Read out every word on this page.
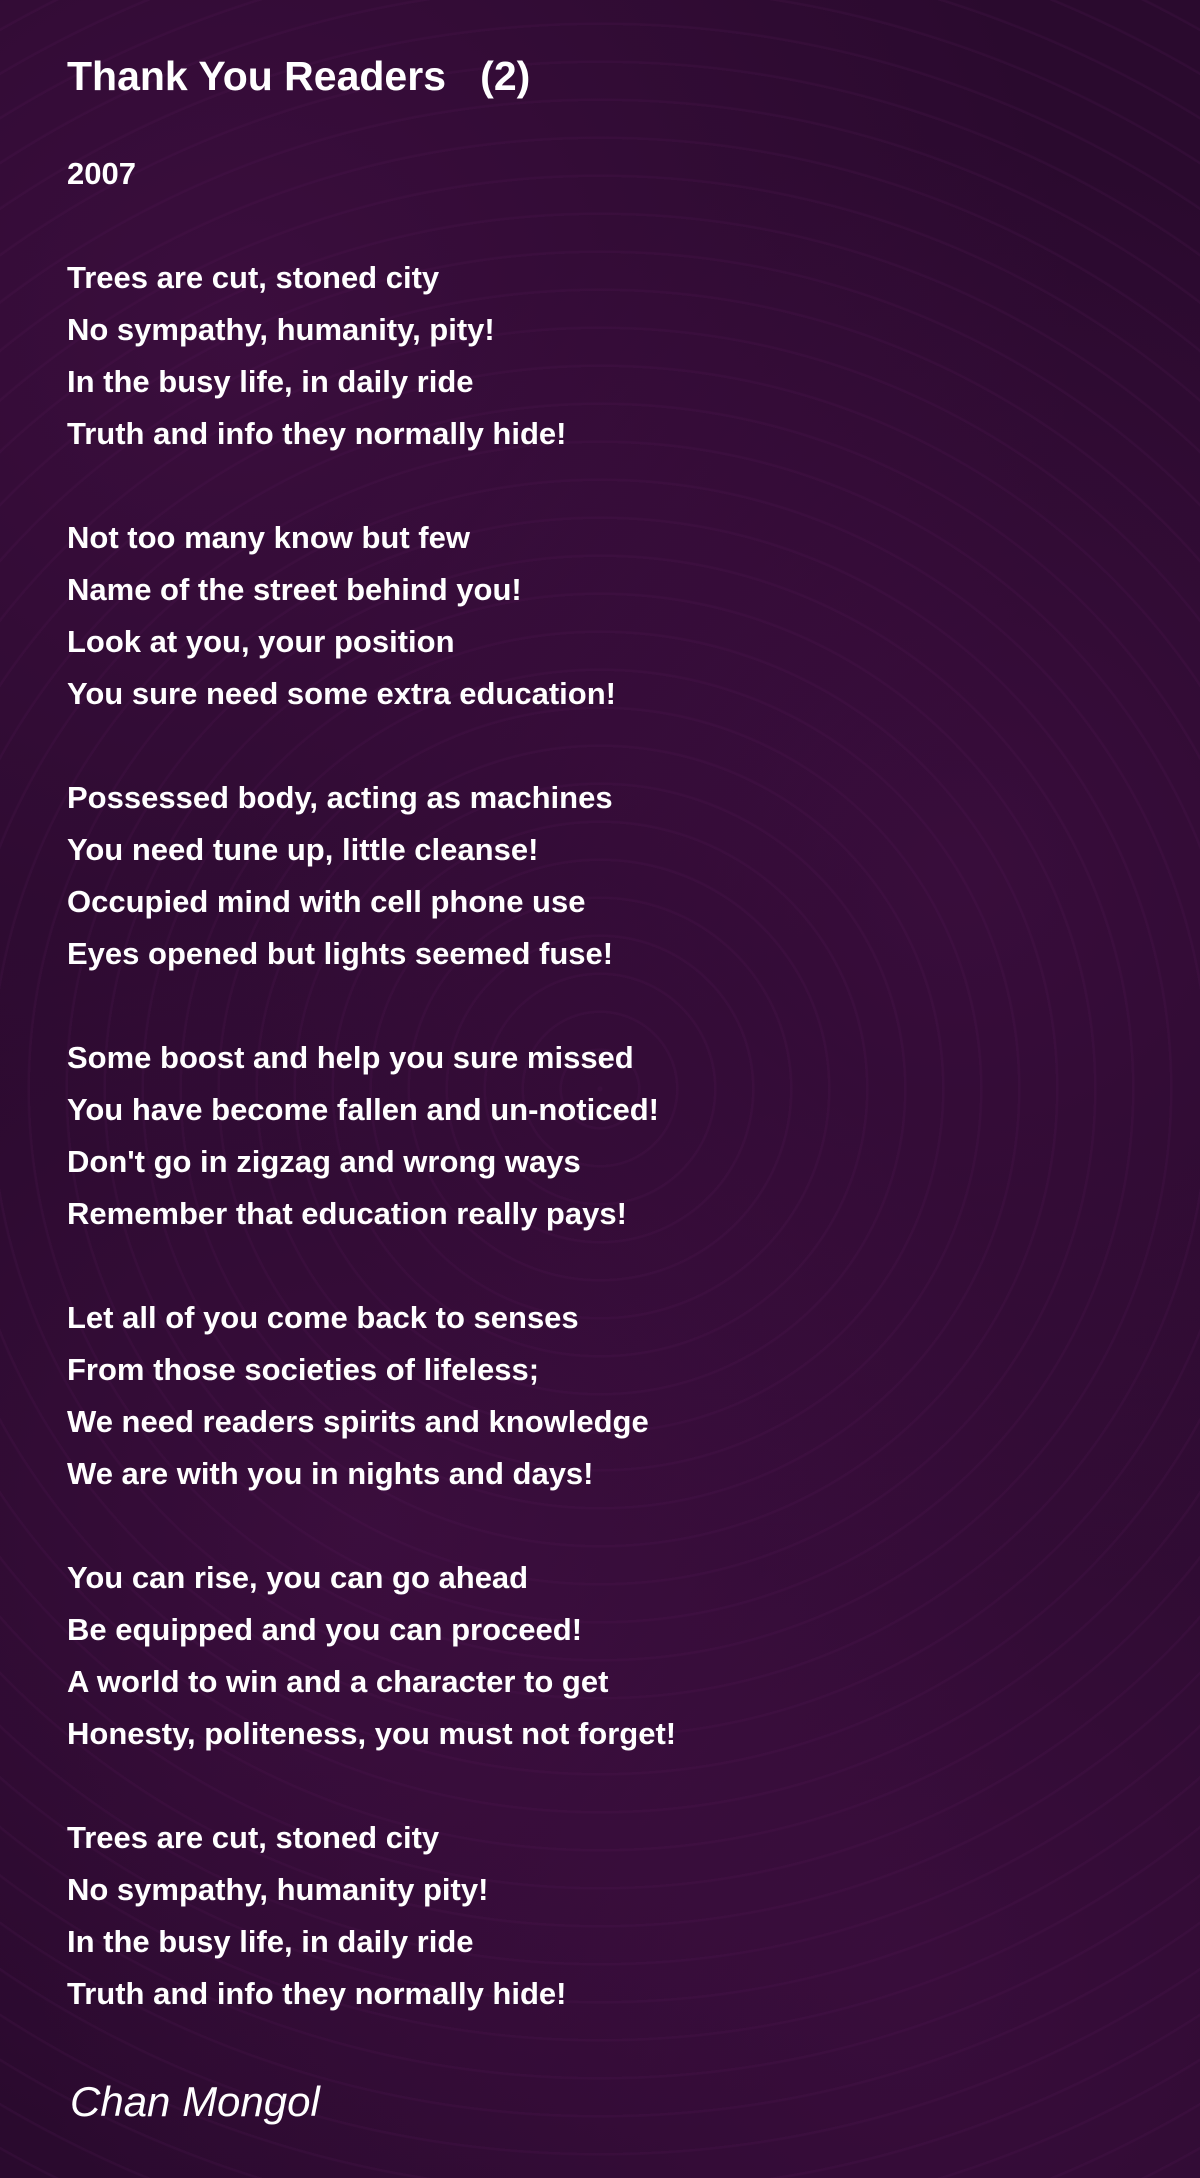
Thank You Readers   (2)
2007
Trees are cut, stoned city
No sympathy, humanity, pity!
In the busy life, in daily ride
Truth and info they normally hide!
Not too many know but few
Name of the street behind you!
Look at you, your position
You sure need some extra education!
Possessed body, acting as machines
You need tune up, little cleanse!
Occupied mind with cell phone use
Eyes opened but lights seemed fuse!
Some boost and help you sure missed
You have become fallen and un-noticed!
Don't go in zigzag and wrong ways
Remember that education really pays!
Let all of you come back to senses
From those societies of lifeless;
We need readers spirits and knowledge
We are with you in nights and days!
You can rise, you can go ahead
Be equipped and you can proceed!
A world to win and a character to get
Honesty, politeness, you must not forget!
Trees are cut, stoned city
No sympathy, humanity pity!
In the busy life, in daily ride
Truth and info they normally hide!
Chan Mongol
